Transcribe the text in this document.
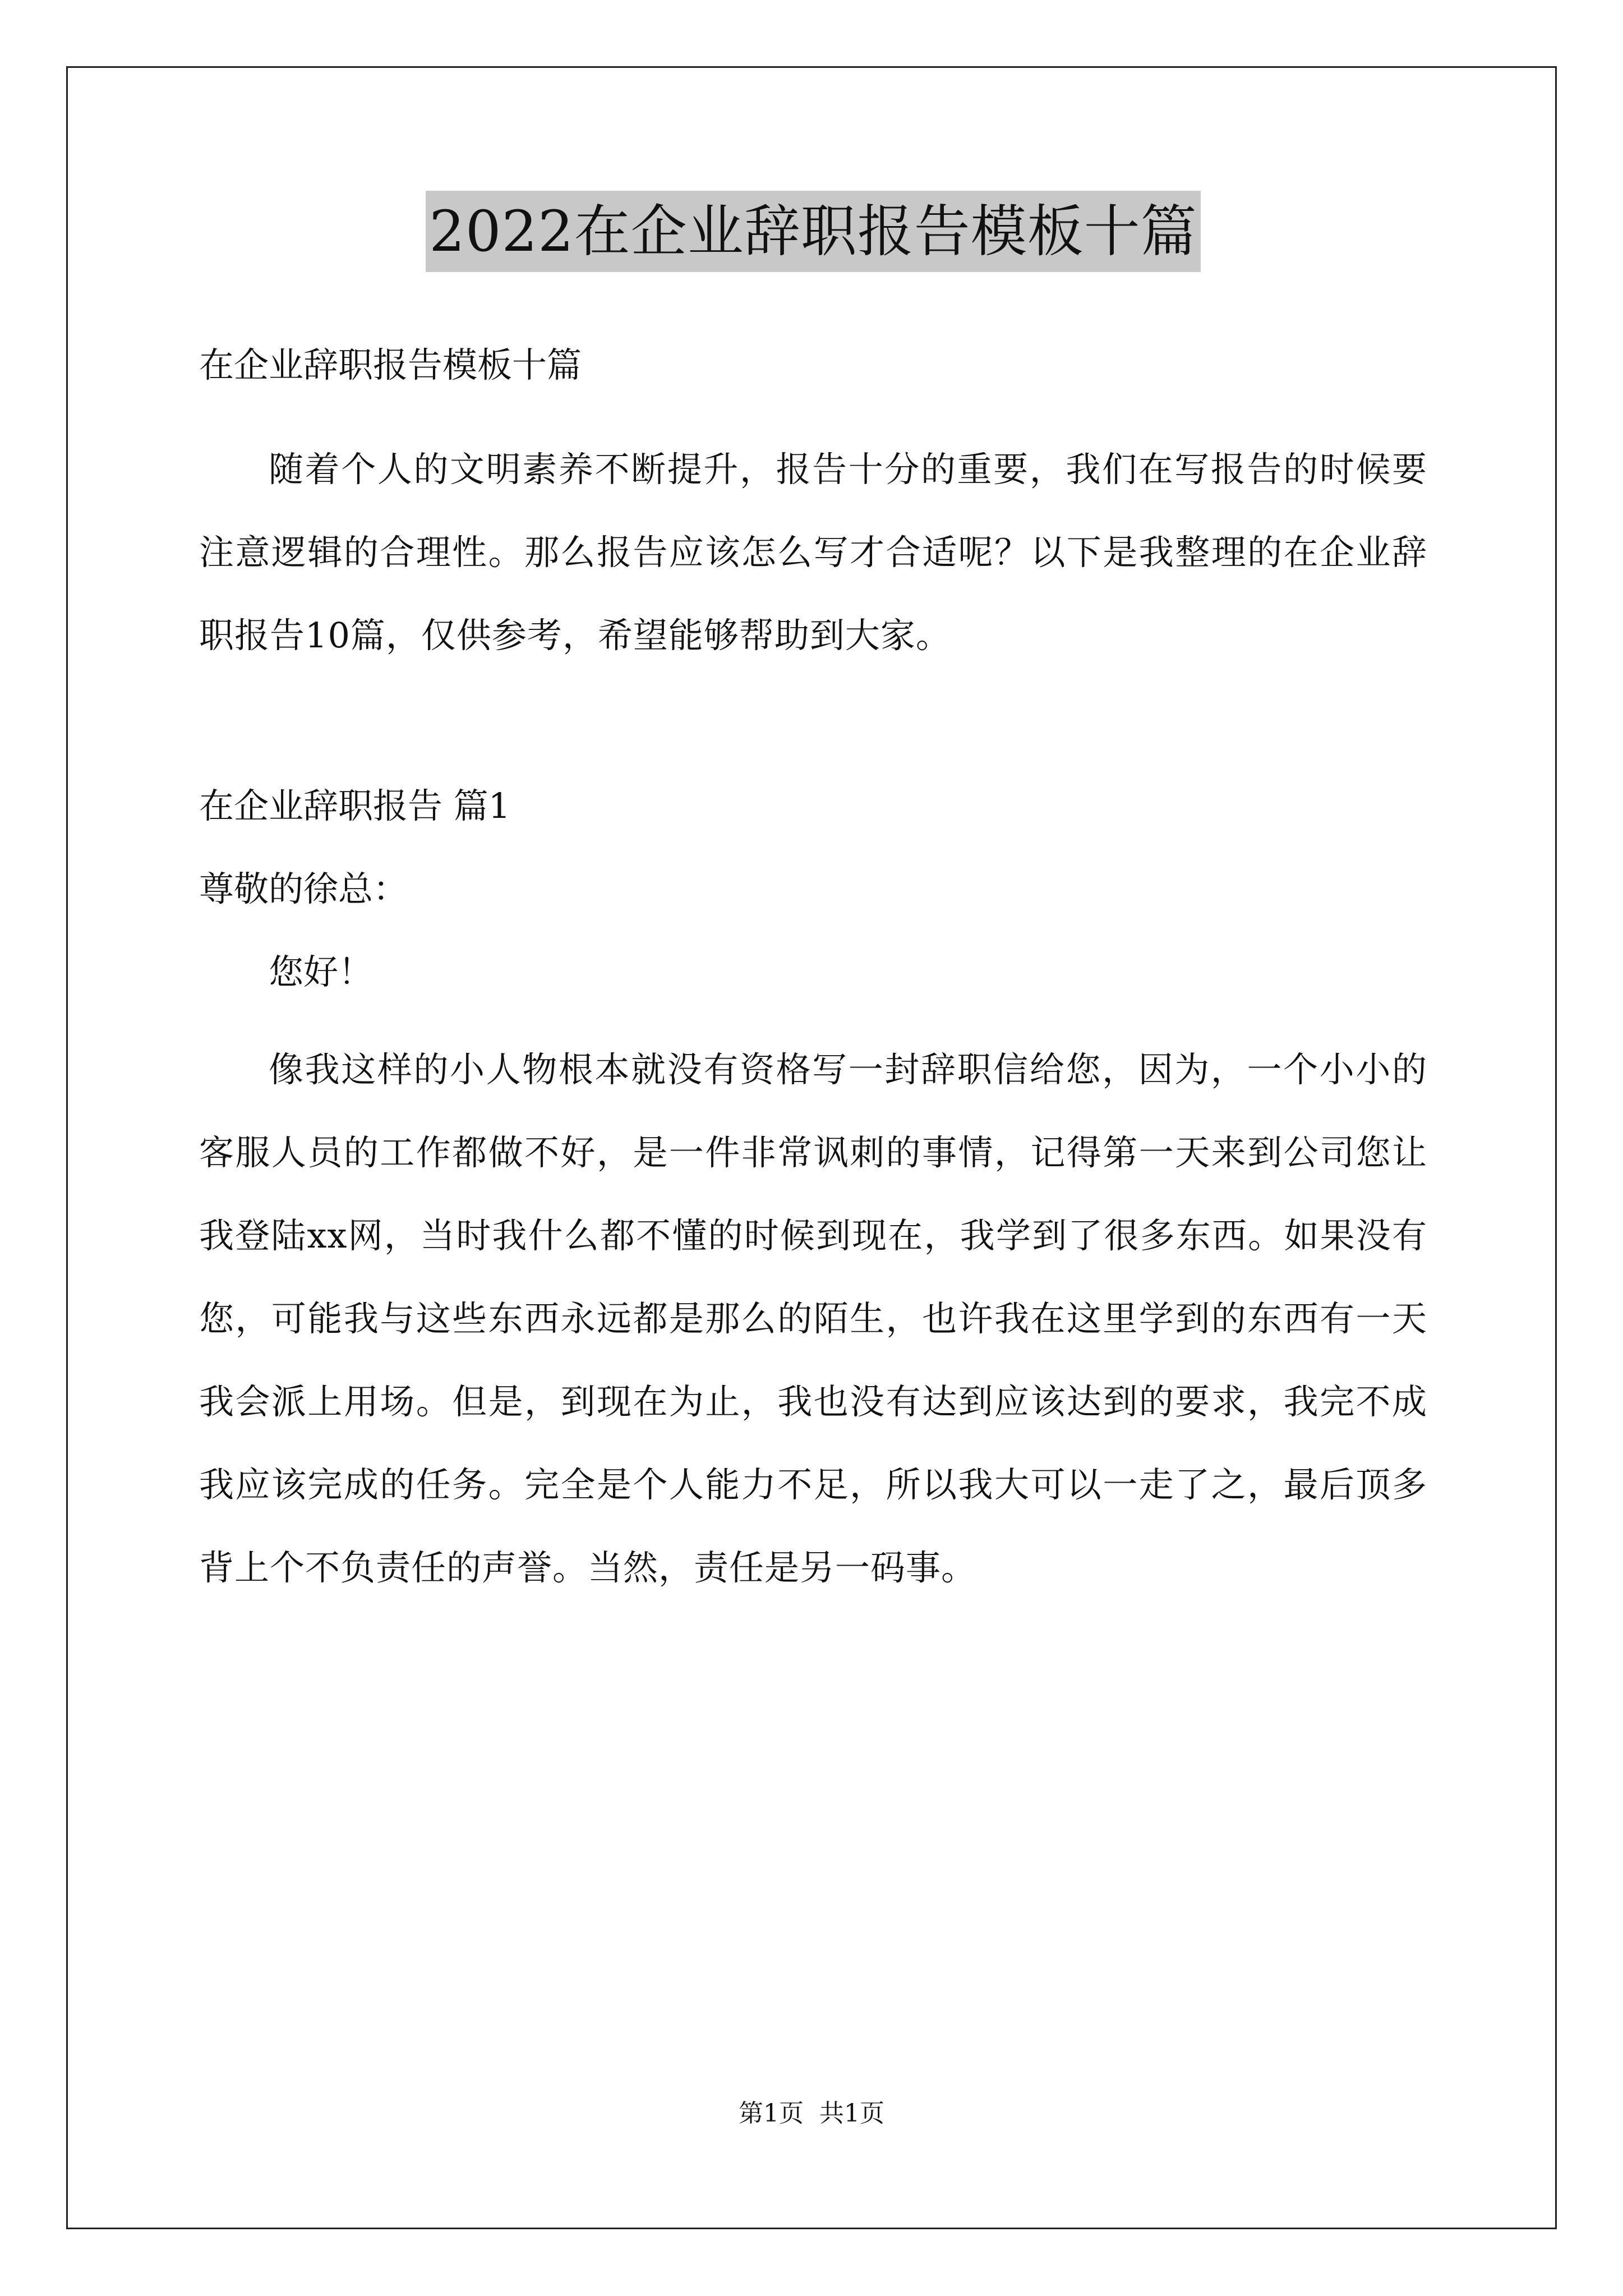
2022在企业辞职报告模板十篇

在企业辞职报告模板十篇

随着个人的文明素养不断提升，报告十分的重要，我们在写报告的时候要注意逻辑的合理性。那么报告应该怎么写才合适呢？以下是我整理的在企业辞职报告10篇，仅供参考，希望能够帮助到大家。

在企业辞职报告 篇1

尊敬的徐总：

您好！

像我这样的小人物根本就没有资格写一封辞职信给您，因为，一个小小的客服人员的工作都做不好，是一件非常讽刺的事情，记得第一天来到公司您让我登陆xx网，当时我什么都不懂的时候到现在，我学到了很多东西。如果没有您，可能我与这些东西永远都是那么的陌生，也许我在这里学到的东西有一天我会派上用场。但是，到现在为止，我也没有达到应该达到的要求，我完不成我应该完成的任务。完全是个人能力不足，所以我大可以一走了之，最后顶多背上个不负责任的声誉。当然，责任是另一码事。

第1页 共1页
